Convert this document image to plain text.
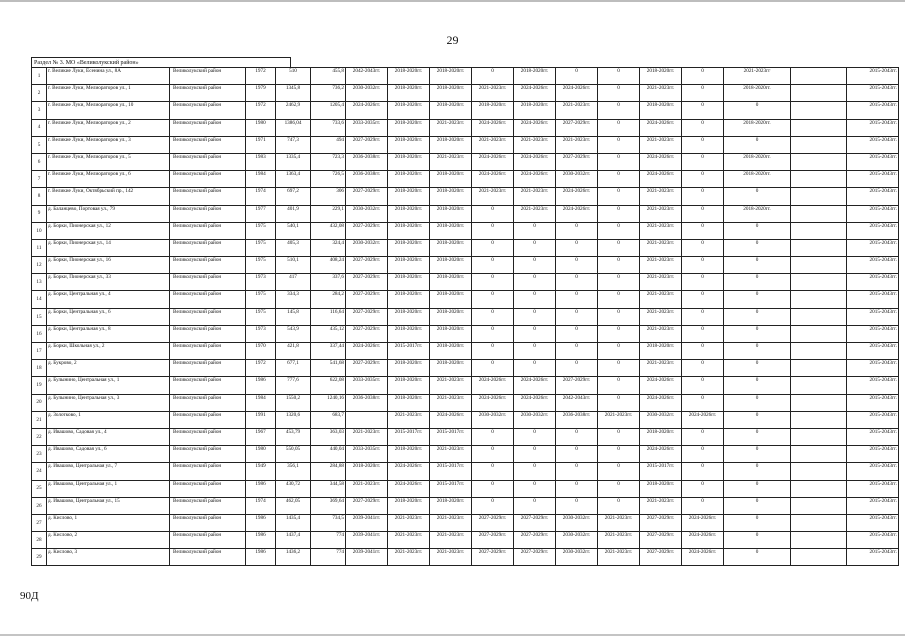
29
Раздел № 3. МО «Великолукский район»
1	г. Великие Луки, Есенина ул., 8А	Великолукский район	1972	510	455,8	2042-2043гг.	2018-2020гг.	2018-2020гг.	0	2018-2020гг.	0	0	2018-2020гг.	0	2021-2023гг		2015-2043гг.
2	г. Великие Луки, Мелиораторов ул., 1	Великолукский район	1979	1345,8	736,2	2030-2032гг.	2018-2020гг.	2018-2020гг.	2021-2023гг.	2024-2026гг.	2024-2026гг.	0	2021-2023гг.	0	2018-2020гг.		2015-2043гг.
3	г. Великие Луки, Мелиораторов ул., 10	Великолукский район	1972	2462,9	1205,4	2024-2026гг.	2018-2020гг.	2018-2020гг.	2018-2020гг.	2018-2020гг.	2021-2023гг.	0	2018-2020гг.	0	0		2015-2043гг.
4	г. Великие Луки, Мелиораторов ул., 2	Великолукский район	1980	1386,04	733,6	2033-2035гг.	2018-2020гг.	2021-2023гг.	2024-2026гг.	2024-2026гг.	2027-2029гг.	0	2024-2026гг.	0	2018-2020гг.		2015-2043гг.
5	г. Великие Луки, Мелиораторов ул., 3	Великолукский район	1971	747,3	494	2027-2029гг.	2018-2020гг.	2018-2020гг.	2021-2023гг.	2021-2023гг.	2021-2023гг.	0	2021-2023гг.	0	0		2015-2043гг.
6	г. Великие Луки, Мелиораторов ул., 5	Великолукский район	1983	1335,4	723,3	2036-2038гг.	2018-2020гг.	2021-2023гг.	2024-2026гг.	2024-2026гг.	2027-2029гг.	0	2024-2026гг.	0	2018-2020гг.		2015-2043гг.
7	г. Великие Луки, Мелиораторов ул., 6	Великолукский район	1984	1363,4	726,5	2036-2038гг.	2018-2020гг.	2018-2020гг.	2024-2026гг.	2024-2026гг.	2030-2032гг.	0	2024-2026гг.	0	2018-2020гг.		2015-2043гг.
8	г. Великие Луки, Октябрьский пр., 142	Великолукский район	1974	697,2	306	2027-2029гг.	2018-2020гг.	2018-2020гг.	2021-2023гг.	2021-2023гг.	2024-2026гг.	0	2021-2023гг.	0	0		2015-2043гг.
9	д. Баланцево, Портовая ул., 79	Великолукский район	1977	401,9	229,1	2030-2032гг.	2018-2020гг.	2018-2020гг.	0	2021-2023гг.	2024-2026гг.	0	2021-2023гг.	0	2018-2020гг.		2015-2043гг.
10	д. Борки, Пионерская ул., 12	Великолукский район	1975	540,1	432,08	2027-2029гг.	2018-2020гг.	2018-2020гг.	0	0	0	0	2021-2023гг.	0	0		2015-2043гг.
11	д. Борки, Пионерская ул., 14	Великолукский район	1975	405,3	324,4	2030-2032гг.	2018-2020гг.	2018-2020гг.	0	0	0	0	2021-2023гг.	0	0		2015-2043гг.
12	д. Борки, Пионерская ул., 16	Великолукский район	1975	510,1	408,24	2027-2029гг.	2018-2020гг.	2018-2020гг.	0	0	0	0	2021-2023гг.	0	0		2015-2043гг.
13	д. Борки, Пионерская ул., 33	Великолукский район	1973	417	337,6	2027-2029гг.	2018-2020гг.	2018-2020гг.	0	0	0	0	2021-2023гг.	0	0		2015-2043гг.
14	д. Борки, Центральная ул., 4	Великолукский район	1975	334,3	284,2	2027-2029гг.	2018-2020гг.	2018-2020гг.	0	0	0	0	2021-2023гг.	0	0		2015-2043гг.
15	д. Борки, Центральная ул., 6	Великолукский район	1975	145,8	116,64	2027-2029гг.	2018-2020гг.	2018-2020гг.	0	0	0	0	2021-2023гг.	0	0		2015-2043гг.
16	д. Борки, Центральная ул., 8	Великолукский район	1973	543,9	435,12	2027-2029гг.	2018-2020гг.	2018-2020гг.	0	0	0	0	2021-2023гг.	0	0		2015-2043гг.
17	д. Борки, Школьная ул., 2	Великолукский район	1970	421,8	337,44	2024-2026гг.	2015-2017гг.	2018-2020гг.	0	0	0	0	2018-2020гг.	0	0		2015-2043гг.
18	д. Букрово, 2	Великолукский район	1972	677,1	541,68	2027-2029гг.	2018-2020гг.	2018-2020гг.	0	0	0	0	2021-2023гг.	0	0		2015-2043гг.
19	д. Булынино, Центральная ул., 1	Великолукский район	1986	777,6	622,08	2033-2035гг.	2018-2020гг.	2021-2023гг.	2024-2026гг.	2024-2026гг.	2027-2029гг.	0	2024-2026гг.	0	0		2015-2043гг.
20	д. Булынино, Центральная ул., 3	Великолукский район	1984	1550,2	1240,16	2036-2038гг.	2018-2020гг.	2021-2023гг.	2024-2026гг.	2024-2026гг.	2042-2043гг.	0	2024-2026гг.	0	0		2015-2043гг.
21	д. Золотково, 1	Великолукский район	1991	1320,6	683,7		2021-2023гг.	2024-2026гг.	2030-2032гг.	2030-2032гг.	2036-2038гг.	2021-2023гг.	2030-2032гг.	2024-2026гг.	0		2015-2043гг.
22	д. Ивашово, Садовая ул., 4	Великолукский район	1967	453,79	363,03	2021-2023гг.	2015-2017гг.	2015-2017гг.	0	0	0	0	2018-2020гг.	0	0		2015-2043гг.
23	д. Ивашово, Садовая ул., 6	Великолукский район	1980	550,05	440,04	2033-2035гг.	2018-2020гг.	2021-2023гг.	0	0	0	0	2024-2026гг.	0	0		2015-2043гг.
24	д. Ивашово, Центральная ул., 7	Великолукский район	1949	356,1	284,88	2018-2020гг.	2024-2026гг.	2015-2017гг.	0	0	0	0	2015-2017гг.	0	0		2015-2043гг.
25	д. Ивашово, Центральная ул., 1	Великолукский район	1986	430,72	344,58	2021-2023гг.	2024-2026гг.	2015-2017гг.	0	0	0	0	2018-2020гг.	0	0		2015-2043гг.
26	д. Ивашово, Центральная ул., 15	Великолукский район	1974	462,05	369,64	2027-2029гг.	2018-2020гг.	2018-2020гг.	0	0	0	0	2021-2023гг.	0	0		2015-2043гг.
27	д. Кислово, 1	Великолукский район	1986	1435,4	734,5	2039-2041гг.	2021-2023гг.	2021-2023гг.	2027-2029гг.	2027-2029гг.	2030-2032гг.	2021-2023гг.	2027-2029гг.	2024-2026гг.	0		2015-2043гг.
28	д. Кислово, 2	Великолукский район	1986	1437,4	774	2039-2041гг.	2021-2023гг.	2021-2023гг.	2027-2029гг.	2027-2029гг.	2030-2032гг.	2021-2023гг.	2027-2029гг.	2024-2026гг.	0		2015-2043гг.
29	д. Кислово, 3	Великолукский район	1986	1436,2	774	2039-2041гг.	2021-2023гг.	2021-2023гг.	2027-2029гг.	2027-2029гг.	2030-2032гг.	2021-2023гг.	2027-2029гг.	2024-2026гг.	0		2015-2043гг.
90Д
